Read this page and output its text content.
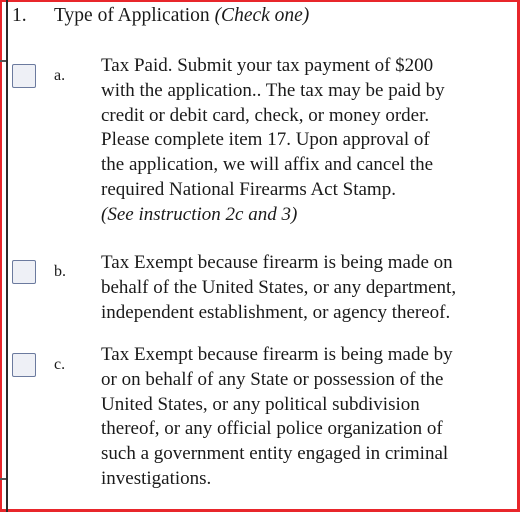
1. Type of Application (Check one)
a. Tax Paid. Submit your tax payment of $200
with the application.. The tax may be paid by
credit or debit card, check, or money order.
Please complete item 17. Upon approval of
the application, we will affix and cancel the
required National Firearms Act Stamp.
(See instruction 2c and 3)
b. Tax Exempt because firearm is being made on
behalf of the United States, or any department,
independent establishment, or agency thereof.
c. Tax Exempt because firearm is being made by
or on behalf of any State or possession of the
United States, or any political subdivision
thereof, or any official police organization of
such a government entity engaged in criminal
investigations.
